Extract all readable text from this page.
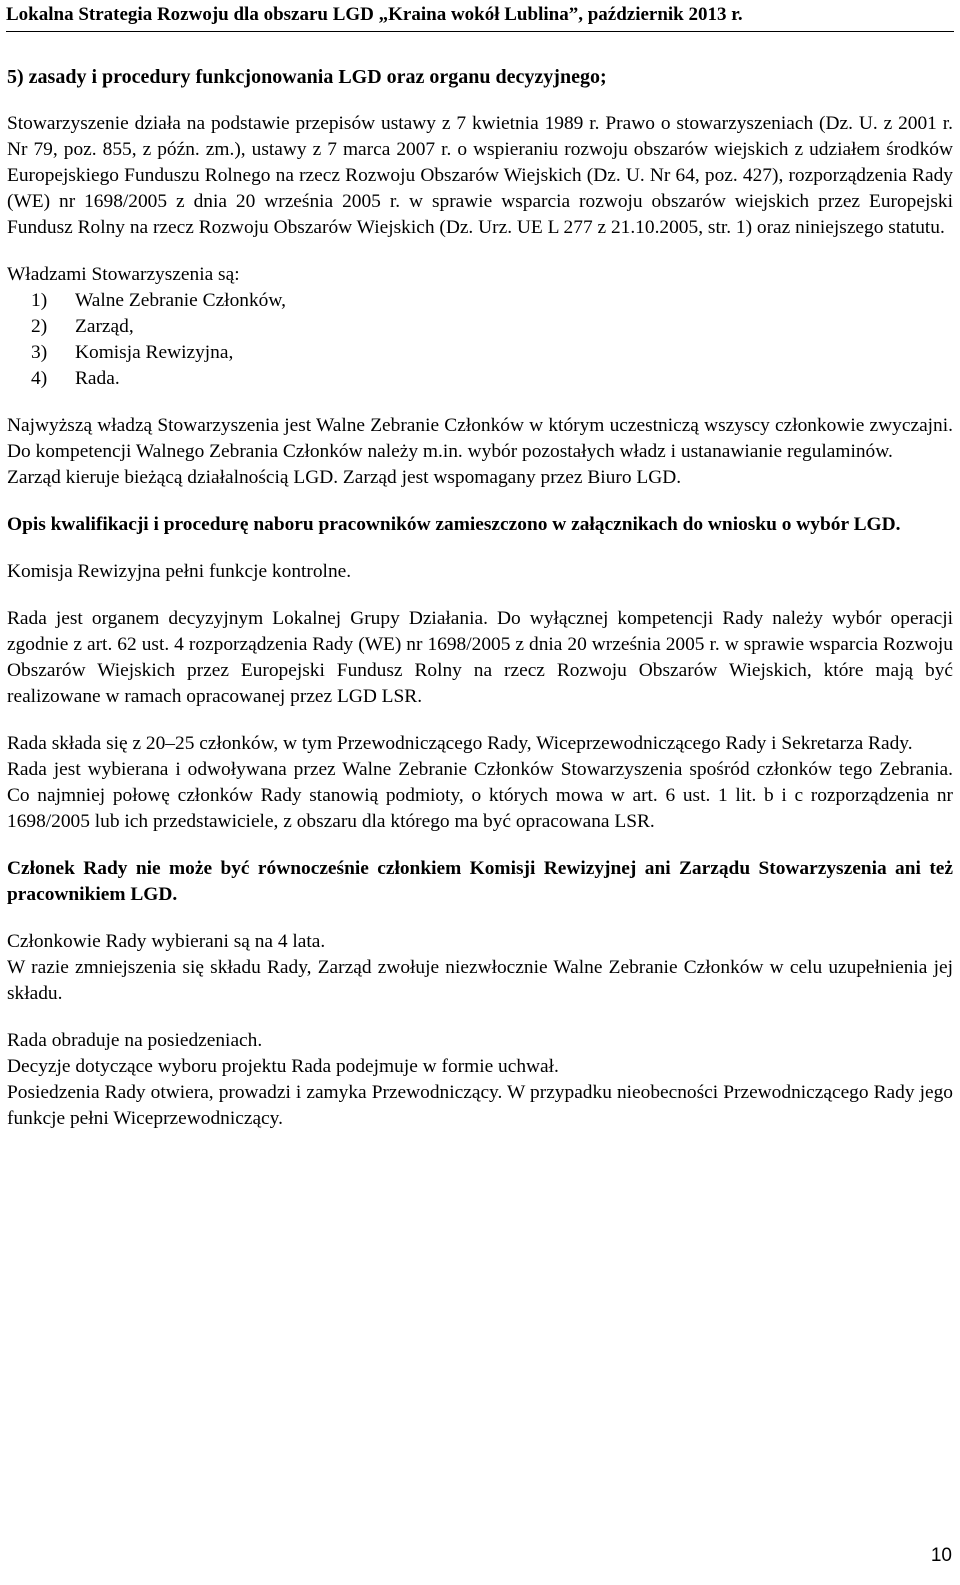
Lokalna Strategia Rozwoju dla obszaru LGD „Kraina wokół Lublina”, październik 2013 r.

5) zasady i procedury funkcjonowania LGD oraz organu decyzyjnego;

Stowarzyszenie działa na podstawie przepisów ustawy z 7 kwietnia 1989 r. Prawo o stowarzyszeniach (Dz. U. z 2001 r. Nr 79, poz. 855, z późn. zm.), ustawy z 7 marca 2007 r. o wspieraniu rozwoju obszarów wiejskich z udziałem środków Europejskiego Funduszu Rolnego na rzecz Rozwoju Obszarów Wiejskich (Dz. U. Nr 64, poz. 427), rozporządzenia Rady (WE) nr 1698/2005 z dnia 20 września 2005 r. w sprawie wsparcia rozwoju obszarów wiejskich przez Europejski Fundusz Rolny na rzecz Rozwoju Obszarów Wiejskich (Dz. Urz. UE L 277 z 21.10.2005, str. 1) oraz niniejszego statutu.

Władzami Stowarzyszenia są:

1)	Walne Zebranie Członków,
2)	Zarząd,
3)	Komisja Rewizyjna,
4)	Rada.

Najwyższą władzą Stowarzyszenia jest Walne Zebranie Członków w którym uczestniczą wszyscy członkowie zwyczajni. Do kompetencji Walnego Zebrania Członków należy m.in. wybór pozostałych władz i ustanawianie regulaminów.

Zarząd kieruje bieżącą działalnością LGD. Zarząd jest wspomagany przez Biuro LGD.

Opis kwalifikacji i procedurę naboru pracowników zamieszczono w załącznikach do wniosku o wybór LGD.

Komisja Rewizyjna pełni funkcje kontrolne.

Rada jest organem decyzyjnym Lokalnej Grupy Działania. Do wyłącznej kompetencji Rady należy wybór operacji zgodnie z art. 62 ust. 4 rozporządzenia Rady (WE) nr 1698/2005 z dnia 20 września 2005 r. w sprawie wsparcia Rozwoju Obszarów Wiejskich przez Europejski Fundusz Rolny na rzecz Rozwoju Obszarów Wiejskich, które mają być realizowane w ramach opracowanej przez LGD LSR.

Rada składa się z 20–25 członków, w tym Przewodniczącego Rady, Wiceprzewodniczącego Rady i Sekretarza Rady.

Rada jest wybierana i odwoływana przez Walne Zebranie Członków Stowarzyszenia spośród członków tego Zebrania. Co najmniej połowę członków Rady stanowią podmioty, o których mowa w art. 6 ust. 1 lit. b i c rozporządzenia nr 1698/2005 lub ich przedstawiciele, z obszaru dla którego ma być opracowana LSR.

Członek Rady nie może być równocześnie członkiem Komisji Rewizyjnej ani Zarządu Stowarzyszenia ani też pracownikiem LGD.

Członkowie Rady wybierani są na 4 lata.

W razie zmniejszenia się składu Rady, Zarząd zwołuje niezwłocznie Walne Zebranie Członków w celu uzupełnienia jej składu.

Rada obraduje na posiedzeniach.

Decyzje dotyczące wyboru projektu Rada podejmuje w formie uchwał.

Posiedzenia Rady otwiera, prowadzi i zamyka Przewodniczący. W przypadku nieobecności Przewodniczącego Rady jego funkcje pełni Wiceprzewodniczący.

10
